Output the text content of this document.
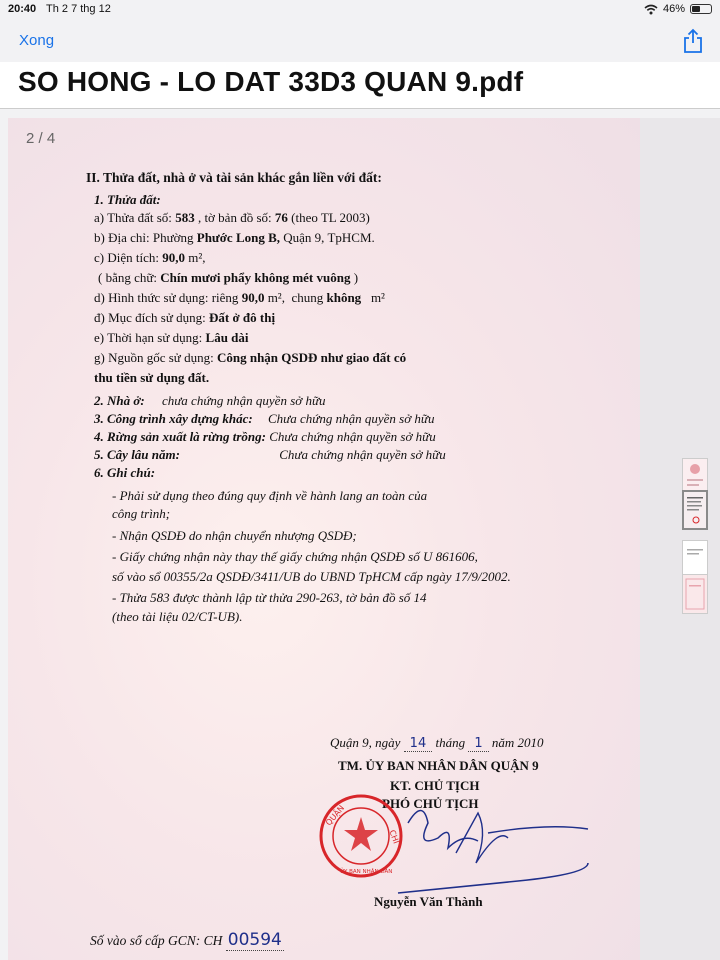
20:40 Th 2 7 thg 12	46%
Xong
SO HONG - LO DAT 33D3 QUAN 9.pdf
2 / 4
II. Thửa đất, nhà ở và tài sản khác gắn liền với đất:
1. Thửa đất:
a) Thửa đất số: 583 , tờ bản đồ số: 76 (theo TL 2003)
b) Địa chỉ: Phường Phước Long B, Quận 9, TpHCM.
c) Diện tích: 90,0 m²,
( bằng chữ: Chín mươi phẩy không mét vuông )
d) Hình thức sử dụng: riêng 90,0 m², chung không m²
đ) Mục đích sử dụng: Đất ở đô thị
e) Thời hạn sử dụng: Lâu dài
g) Nguồn gốc sử dụng: Công nhận QSDĐ như giao đất có
thu tiền sử dụng đất.
2. Nhà ở: chưa chứng nhận quyền sở hữu
3. Công trình xây dựng khác: Chưa chứng nhận quyền sở hữu
4. Rừng sản xuất là rừng trồng: Chưa chứng nhận quyền sở hữu
5. Cây lâu năm:	Chưa chứng nhận quyền sở hữu
6. Ghi chú:
- Phải sử dụng theo đúng quy định về hành lang an toàn của
công trình;
- Nhận QSDĐ do nhận chuyển nhượng QSDĐ;
- Giấy chứng nhận này thay thế giấy chứng nhận QSDĐ số U 861606,
số vào sổ 00355/2a QSDĐ/3411/UB do UBND TpHCM cấp ngày 17/9/2002.
- Thửa 583 được thành lập từ thửa 290-263, tờ bản đồ số 14
(theo tài liệu 02/CT-UB).
Quận 9, ngày 14 tháng 1 năm 2010
TM. ỦY BAN NHÂN DÂN QUẬN 9
KT. CHỦ TỊCH
PHÓ CHỦ TỊCH
Nguyễn Văn Thành
Số vào sổ cấp GCN: CH 00594
QUẬN
CHÍ
ỦY BAN NHÂN DÂN
